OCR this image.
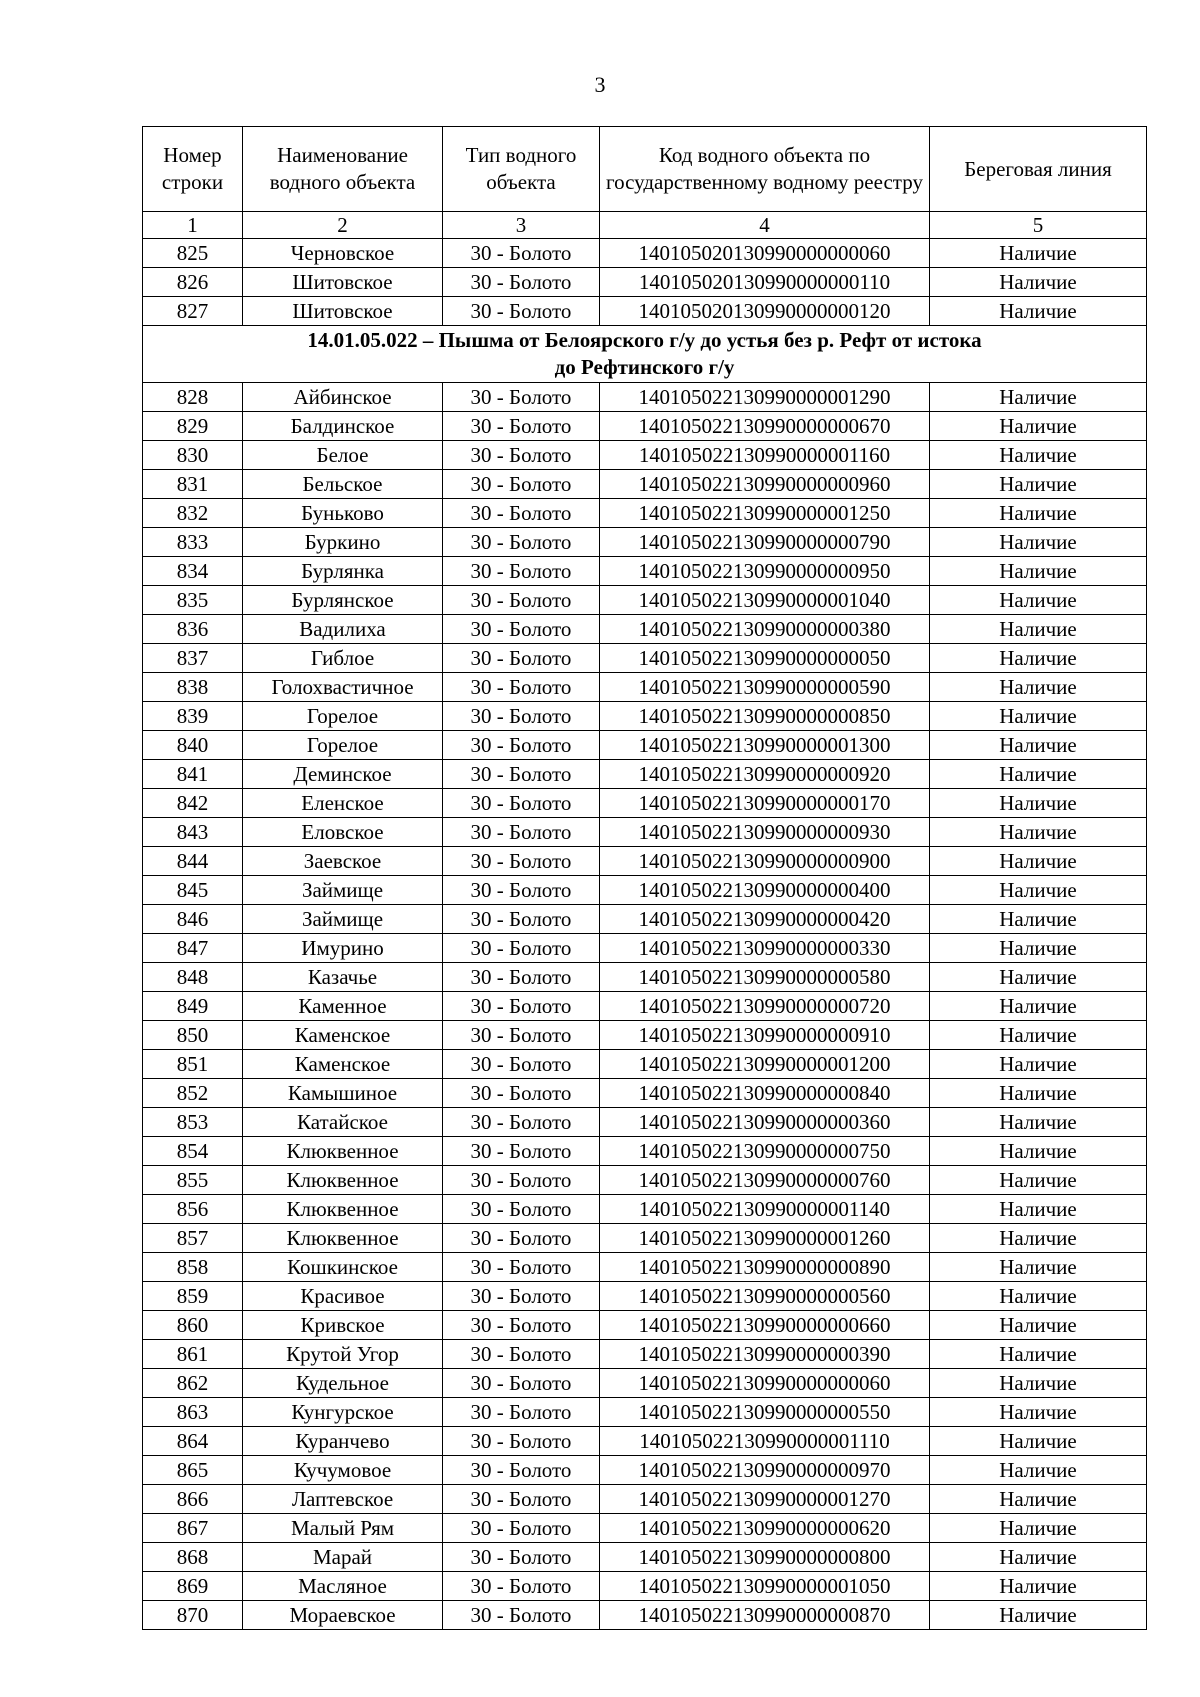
3
Номер строки	Наименование водного объекта	Тип водного объекта	Код водного объекта по государственному водному реестру	Береговая линия
1	2	3	4	5
825	Черновское	30 - Болото	140105020130990000000060	Наличие
826	Шитовское	30 - Болото	140105020130990000000110	Наличие
827	Шитовское	30 - Болото	140105020130990000000120	Наличие

14.01.05.022 – Пышма от Белоярского г/у до устья без р. Рефт от истока
до Рефтинского г/у				

828	Айбинское	30 - Болото	140105022130990000001290	Наличие
829	Балдинское	30 - Болото	140105022130990000000670	Наличие
830	Белое	30 - Болото	140105022130990000001160	Наличие
831	Бельское	30 - Болото	140105022130990000000960	Наличие
832	Буньково	30 - Болото	140105022130990000001250	Наличие
833	Буркино	30 - Болото	140105022130990000000790	Наличие
834	Бурлянка	30 - Болото	140105022130990000000950	Наличие
835	Бурлянское	30 - Болото	140105022130990000001040	Наличие
836	Вадилиха	30 - Болото	140105022130990000000380	Наличие
837	Гиблое	30 - Болото	140105022130990000000050	Наличие
838	Голохвастичное	30 - Болото	140105022130990000000590	Наличие
839	Горелое	30 - Болото	140105022130990000000850	Наличие
840	Горелое	30 - Болото	140105022130990000001300	Наличие
841	Деминское	30 - Болото	140105022130990000000920	Наличие
842	Еленское	30 - Болото	140105022130990000000170	Наличие
843	Еловское	30 - Болото	140105022130990000000930	Наличие
844	Заевское	30 - Болото	140105022130990000000900	Наличие
845	Займище	30 - Болото	140105022130990000000400	Наличие
846	Займище	30 - Болото	140105022130990000000420	Наличие
847	Имурино	30 - Болото	140105022130990000000330	Наличие
848	Казачье	30 - Болото	140105022130990000000580	Наличие
849	Каменное	30 - Болото	140105022130990000000720	Наличие
850	Каменское	30 - Болото	140105022130990000000910	Наличие
851	Каменское	30 - Болото	140105022130990000001200	Наличие
852	Камышиное	30 - Болото	140105022130990000000840	Наличие
853	Катайское	30 - Болото	140105022130990000000360	Наличие
854	Клюквенное	30 - Болото	140105022130990000000750	Наличие
855	Клюквенное	30 - Болото	140105022130990000000760	Наличие
856	Клюквенное	30 - Болото	140105022130990000001140	Наличие
857	Клюквенное	30 - Болото	140105022130990000001260	Наличие
858	Кошкинское	30 - Болото	140105022130990000000890	Наличие
859	Красивое	30 - Болото	140105022130990000000560	Наличие
860	Кривское	30 - Болото	140105022130990000000660	Наличие
861	Крутой Угор	30 - Болото	140105022130990000000390	Наличие
862	Кудельное	30 - Болото	140105022130990000000060	Наличие
863	Кунгурское	30 - Болото	140105022130990000000550	Наличие
864	Куранчево	30 - Болото	140105022130990000001110	Наличие
865	Кучумовое	30 - Болото	140105022130990000000970	Наличие
866	Лаптевское	30 - Болото	140105022130990000001270	Наличие
867	Малый Рям	30 - Болото	140105022130990000000620	Наличие
868	Марай	30 - Болото	140105022130990000000800	Наличие
869	Масляное	30 - Болото	140105022130990000001050	Наличие
870	Мораевское	30 - Болото	140105022130990000000870	Наличие
